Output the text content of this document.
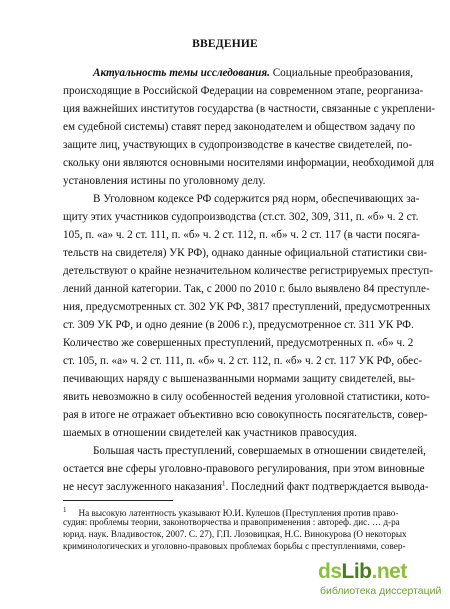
ВВЕДЕНИЕ
Актуальность темы исследования. Социальные преобразования,
происходящие в Российской Федерации на современном этапе, реорганиза-
ция важнейших институтов государства (в частности, связанные с укреплени-
ем судебной системы) ставят перед законодателем и обществом задачу по
защите лиц, участвующих в судопроизводстве в качестве свидетелей, по-
скольку они являются основными носителями информации, необходимой для
установления истины по уголовному делу.
В Уголовном кодексе РФ содержится ряд норм, обеспечивающих за-
щиту этих участников судопроизводства (ст.ст. 302, 309, 311, п. «б» ч. 2 ст.
105, п. «а» ч. 2 ст. 111, п. «б» ч. 2 ст. 112, п. «б» ч. 2 ст. 117 (в части посяга-
тельств на свидетеля) УК РФ), однако данные официальной статистики сви-
детельствуют о крайне незначительном количестве регистрируемых преступ-
лений данной категории. Так, с 2000 по 2010 г. было выявлено 84 преступле-
ния, предусмотренных ст. 302 УК РФ, 3817 преступлений, предусмотренных
ст. 309 УК РФ, и одно деяние (в 2006 г.), предусмотренное ст. 311 УК РФ.
Количество же совершенных преступлений, предусмотренных п. «б» ч. 2
ст. 105, п. «а» ч. 2 ст. 111, п. «б» ч. 2 ст. 112, п. «б» ч. 2 ст. 117 УК РФ, обес-
печивающих наряду с вышеназванными нормами защиту свидетелей, вы-
явить невозможно в силу особенностей ведения уголовной статистики, кото-
рая в итоге не отражает объективно всю совокупность посягательств, совер-
шаемых в отношении свидетелей как участников правосудия.
Большая часть преступлений, совершаемых в отношении свидетелей,
остается вне сферы уголовно-правового регулирования, при этом виновные
не несут заслуженного наказания$^1$. Последний факт подтверждается вывода-
$^1$ На высокую латентность указывают Ю.И. Кулешов (Преступления против право-
судия: проблемы теории, законотворчества и правоприменения : автореф. дис. … д-ра
юрид. наук. Владивосток, 2007. С. 27), Г.П. Лозовицкая, Н.С. Винокурова (О некоторых
криминологических и уголовно-правовых проблемах борьбы с преступлениями, совер-
dsLib.net
библиотека диссертаций
